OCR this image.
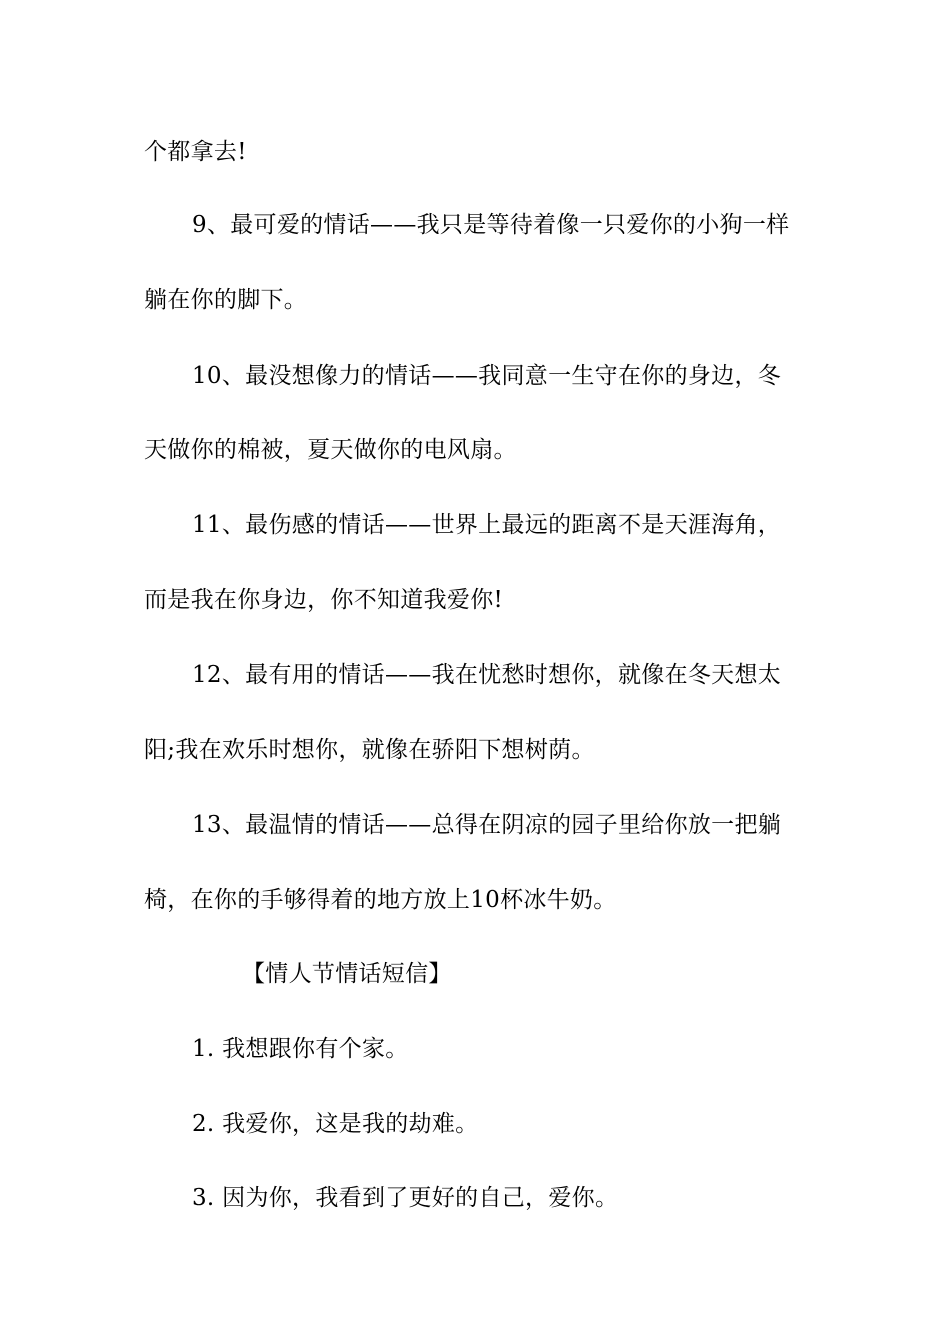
个都拿去!
9、最可爱的情话——我只是等待着像一只爱你的小狗一样
躺在你的脚下。
10、最没想像力的情话——我同意一生守在你的身边，冬
天做你的棉被，夏天做你的电风扇。
11、最伤感的情话——世界上最远的距离不是天涯海角，
而是我在你身边，你不知道我爱你!
12、最有用的情话——我在忧愁时想你，就像在冬天想太
阳;我在欢乐时想你，就像在骄阳下想树荫。
13、最温情的情话——总得在阴凉的园子里给你放一把躺
椅，在你的手够得着的地方放上10杯冰牛奶。
【情人节情话短信】
1. 我想跟你有个家。
2. 我爱你，这是我的劫难。
3. 因为你，我看到了更好的自己，爱你。
